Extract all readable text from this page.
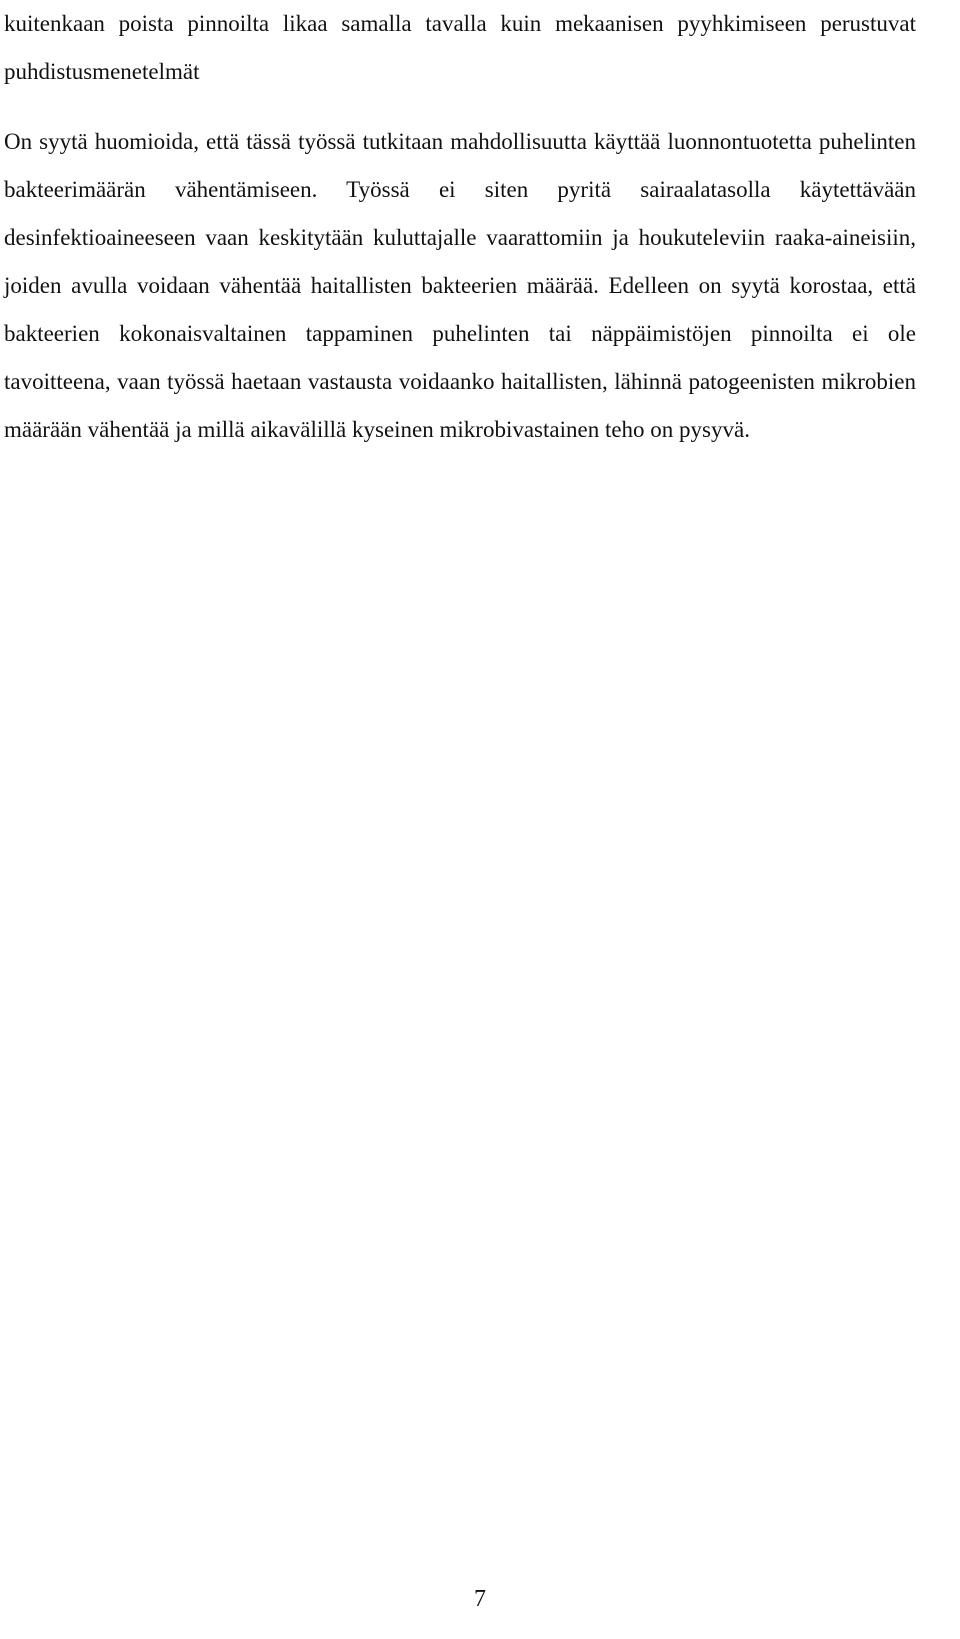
kuitenkaan poista pinnoilta likaa samalla tavalla kuin mekaanisen pyyhkimiseen perustuvat puhdistusmenetelmät

On syytä huomioida, että tässä työssä tutkitaan mahdollisuutta käyttää luonnontuotetta puhelinten bakteerimäärän vähentämiseen. Työssä ei siten pyritä sairaalatasolla käytettävään desinfektioaineeseen vaan keskitytään kuluttajalle vaarattomiin ja houkuteleviin raaka-aineisiin, joiden avulla voidaan vähentää haitallisten bakteerien määrää. Edelleen on syytä korostaa, että bakteerien kokonaisvaltainen tappaminen puhelinten tai näppäimistöjen pinnoilta ei ole tavoitteena, vaan työssä haetaan vastausta voidaanko haitallisten, lähinnä patogeenisten mikrobien määrään vähentää ja millä aikavälillä kyseinen mikrobivastainen teho on pysyvä.

7
